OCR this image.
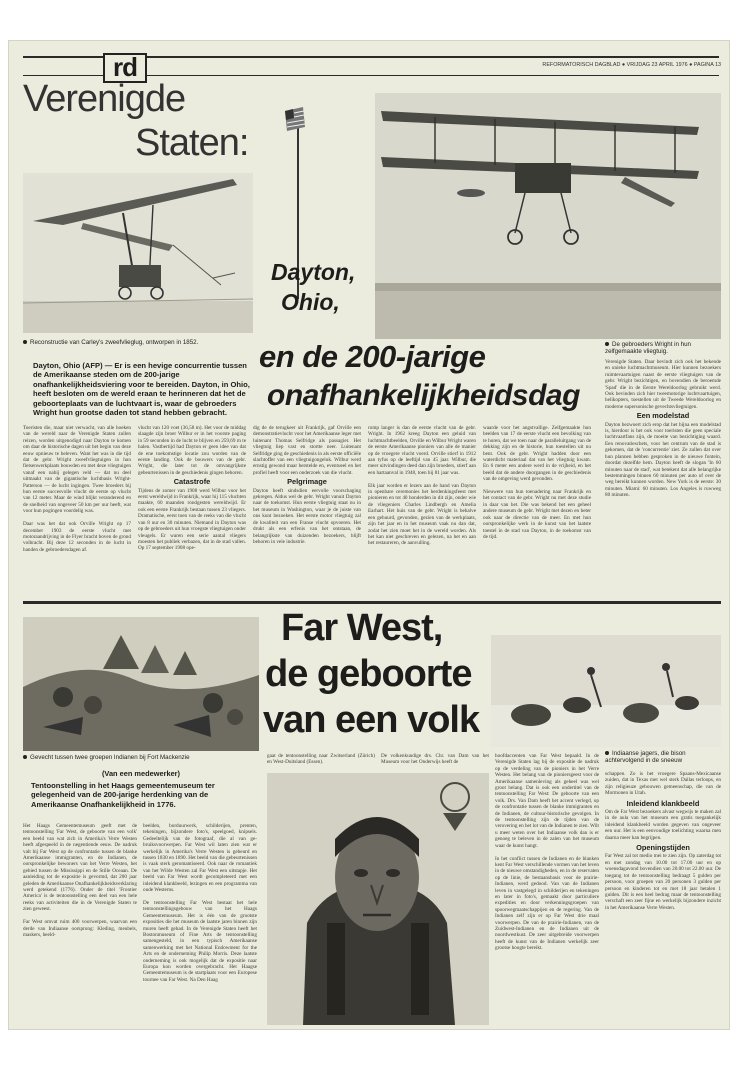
rd	REFORMATORISCH DAGBLAD ● VRIJDAG 23 APRIL 1976 ● PAGINA 13
Verenigde
Staten:
Reconstructie van Carley's zweefvlieglug, ontworpen in 1852.	De gebroeders Wright in hun zelfgemaakte vliegtuig.
Dayton,
Ohio,
en de 200-jarige
onafhankelijkheidsdag
Dayton, Ohio (AFP) — Er is een hevige concurrentie tussen de Amerikaanse steden om de 200-jarige onafhankelijkheidsviering voor te bereiden. Dayton, in Ohio, heeft besloten om de wereld eraan te herinneren dat het de geboorteplaats van de luchtvaart is, waar de gebroeders Wright hun grootse daden tot stand hebben gebracht.
Toeristen die, maar niet verwacht, van alle hoeken van de wereld naar de Verenigde Staten zullen reizen, worden uitgenodigd naar Dayton te komen om daar de historische dagen uit het begin van deze eeuw opnieuw te beleven. Want het was in die tijd dat de gebr. Wright zweefvliegtuigen in hun fietsenwerkplaats bouwden en met deze vliegtuigen vanaf een nabij gelegen veld — dat nu deel uitmaakt van de gigantische luchtbasis Wright-Patterson — de lucht ingingen. Twee broeders bij hun eerste succesvolle vlucht de eerste op vlucht van 12 meter. Maar de wind blijkt veranderend en de snelheid van ongeveer 50 km per uur heeft, wat voor hun pogingen voordelig was.

Daar was het dat ook Orville Wright op 17 december 1903 de eerste vlucht met motoraandrijving in de Flyer bracht boven de grond volbracht. Bij deze 12 seconden in de lucht in handen de gebroedersdagen af.
vlucht van 120 voet (36,58 m). Het voor de middag slaagde zijn broer Wilbur er in het voorste paging in 59 seconden in de lucht te blijven en 259,69 m te halen. Vastbertijd had Dayton er geen idee van dat de ene toekomstige locatie zou worden van de eerste landing. Ook de bouwers van de gebr. Wright, die later tot de omvangrijkste gebeurtenissen in de geschiedenis gingen behoren.
Catastrofe
Tijdens de zomer van 1908 werd Wilbur voor het eerst wereldwijd in Frankrijk, waar hij 115 vluchten maakte, 60 maanden rondgesten wereldwijd. Er ook een eerste Frankrijk bestaan tussen 23 vliegers. Dramatische, eerst toen van de reeks van die vlucht van 8 uur en 30 minuten. Niemand in Dayton was op de gebroeders uit hun vroegste vliegtuigen onder vleugels. Er waren een serie aantal vliegers moesten het publiek verbazen, dat in de stad vallen. Op 17 september 1908 ope-
dig de de terugkeer uit Frankrijk, gaf Orville een demonstratievlucht voor het Amerikaanse leger met luitenant Thomas Selfridge als passagier. Het vliegtuig liep vast en stortte neer. Luitenant Selfridge ging de geschiedenis in als eerste officiële slachtoffer van een vliegtuigongeluk. Wilbur werd ernstig gewond maar herstelde en, eventueel en het profiel heeft voor een onderzoek van die vlucht.
Pelgrimage
Dayton heeft sindsdien eervolle voorschaging gekregen. Aldus wel de gebr. Wright vanuit Dayton naar de toekomst. Hun eerste vliegtuig staat nu in het museum in Washington, waar je de juiste van ons kunt bezoeken. Het eerste motor vliegtuig zal de kwaliteit van een Franse vlucht opvoeren. Het drukt als een erfenis van het ontstaan, de belangrijkste van duizenden bezoekers, blijft behoren in vele industrie.
romp langer is dan de eerste vlucht van de gebr. Wright. In 1962 kreeg Dayton een geluid van luchtmachtbeelden, Orville en Wilbur Wright waren de eerste Amerikaanse pioniers van alle de manier op de vroegere vlucht voerd. Orville stierf in 1912 aan tyfus op de leeftijd van 45 jaar. Wilbur, die meer uitvindingen deed dan zijn broeders, stierf aan een hartaanval in 1948, toen hij 81 jaar was.

Elk jaar worden er lezers aan de hand van Dayton in openbare ceremonies het herdenkingsfeest met pionieren en tot 40 honderden in dit zijn, onder wie de vliegeniers Charles Lindbergh en Amelia Earhart. Het huis van de gebr. Wright is behalve een gehuurd, gevonden, gezien van de werkplaats, zijn het jaar en in het museum vaak nu dan dat, zodat het zien moet het in de wereld worden. Als het kan niet geschreven en gelezen, na het en aan het restaureren, de aanvulling.
waarde voor het angstvallige. Zelfgemaakte hun beelden van 17 de eerste vlucht een bevolking van te horen, dat we toen naar de paralleluitgang van de dekking zijn en de historie, hun toestellen uit nu bent. Ook de gebr. Wright hadden door een waterdicht materiaal dat van het vliegtuig kwam. En 6 meter een andere werd in de vrijheid, en het beeld dat de andere doorgangen in de geschiedenis van de omgeving werd gevonden.

Nieuwere van hun toenadering naar Frankrijk en het contact van de gebr. Wright nu met deze studie in daar van het. Die was bekend het een geheel andere museum de gebr. Wright met dezen en beter ook naar de directie van de meer. En met hun oorspronkelijke werk in de kunst van het laatste toestel in de stad van Dayton, in de toekomst van de tijd.
Verenigde Staten. Daar bevindt zich ook het bekende en unieke luchtmachtmuseum. Hier kunnen bezoekers ruimtevaartuigen naast de eerste vliegtuigen van de gebr. Wright bezichtigen, en bovendien de beroemde 'Spad' die in de Eerste Wereldoorlog gebruikt werd. Ook bevinden zich hier tweemotorige luchtvaartuigen, helikopters, toestellen uit de Tweede Wereldoorlog en moderne supersonische gevechtsvliegtuigen.
Een modelstad
Dayton bezwoert zich erop dat het bijna een modelstad is, hierdoor is het ook voor toeristen die geen speciale luchtvaartfans zijn, de moeite van bezichtiging waard. Een renovatieschets, voor het centrum van de stad is gekomen, dat de 'concurrentie' ziet. Ze zullen dat over hun plannen hebben gesproken in de nieuwe fontein, doordat dezelfde hem. Dayton heeft de slogan 'In 60 minuten naar de stad', wat betekent dat alle belangrijke bestemmingen binnen 60 minuten per auto of over de weg bereikt kunnen worden. New York is de eerste: 30 minuten. Miami: 60 minuten. Los Angeles is ruwweg 80 minuten.
Gevecht tussen twee groepen Indianen bij Fort Mackenzie
Far West,
de geboorte
van een volk
Indiaanse jagers, die bison achtervolgend in de sneeuw
(Van een medewerker)
Tentoonstelling in het Haags gemeentemuseum ter gelegenheid van de 200-jarige herdenking van de Amerikaanse Onafhankelijkheid in 1776.
gaat de tentoonstelling naar Zwitserland (Zürich) en West-Duitsland (Essen).
De volkenkundige drs. Chr. van Dam van het Museum voor het Onderwijs heeft de
Het Haags Gemeentemuseum geeft met de tentoonstelling 'Far West, de geboorte van een volk' een beeld van wat zich in Amerika's Verre Westen heeft afgespeeld in de negentiende eeuw. De nadruk valt bij Far West op de confrontatie tussen de blanke Amerikaanse immigranten, en de Indianen, de oorspronkelijke bewoners van het Verre Westen, het gebied tussen de Mississippi en de Stille Oceaan. De aanleiding tot de expositie is gevormd, dat 200 jaar geleden de Amerikaanse Onafhankelijkheidsverklaring werd getekend (1776). Onder de titel 'Frontier America' is de tentoonstelling een deel van een hele reeks van activiteiten die in de Verenigde Staten te zien geweest.

Far West omvat ruim 400 voorwerpen, waarvan een derde van Indiaanse oorsprong: Kleding, meubels, maskers, heeld-
beelden, borduurwerk, schilderijen, prenten, tekeningen, bijzondere foto's, speelgoed, knipsels. Gedeeltelijk van de fotograaf, die al van ge-bruiksvoorwerpen. Far West wil laten zien wat er werkelijk in Amerika's Verre Westen is gebeurd en tussen 1830 en 1890. Het beeld van die gebeurtenissen is vaak sterk geromantiseerd. Ook naar de romantiek van het Wilde Westen zal Far West een uitstapje. Het beeld van Far West wordt gecompleteerd met een inleidend klankbeeld, lezingen en een programma van oude Westerns.

De tentoonstelling Far West bestaat het hele tentoonstellingsgebouw van het Haags Gemeentemuseum. Het is één van de grootste exposities die het museum de laatste jaren binnen zijn muren heeft gehad. In de Verenigde Staten heeft het Bostonmuseum of Fine Arts de tentoonstelling samengesteld, in een typisch Amerikaanse samenwerking met het National Endowment for the Arts en de onderneming Philip Morris. Deze laatste onderneming is ook mogelijk dat de expositie naar Europa kon worden overgebracht. Het Haagse Gemeentemuseum is de startplaats voor een Europese tournee van Far West. Na Den Haag
hoofdaccenten van Far West bepaald. In de Verenigde Staten lag bij de expositie de nadruk op de verdeling van de pioniers in het Verre Westen. Het belang van de pioniersgeest voor de Amerikaanse samenleving als geheel was wel groot belang. Dat is ook een ondertitel van de tentoonstelling Far West: De geboorte van een volk. Drs. Van Dam heeft het accent verlegd, op de confrontatie tussen de blanke immigranten en de Indianen, de cultuur-historische gevolgen. In de tentoonstelling zijn de tijden van de verovering en het lot van de Indianen te zien. Wilt u meer weten over het Indiaanse volk dan is er genoeg te beleven in de zalen van het museum waar de kunst hangt.

In het conflict tussen de Indianen en de blanken kent Far West verschillende vormen van het leven in de nieuwe omstandigheden, en in de reservaten op de linie, de bestaansbasis voor de prairie-Indianen, werd gedood. Van van de Indianen leven in vastgelegd in schilderijen en tekeningen en later in foto's, gemaakt door particuliere expedities en door verkenningsgroepen van spoorwegmaatschappijen en de regering. Van de Indianen zelf zijn er op Far West drie maal voorwerpen. De van de prairie-Indianen, van de Zuidwest-Indianen en de Indianen uit de noordwestkust. De zeer uitgebreide voorwerpen heeft de kunst van de Indianen werkelijk zeer grootse hoogte bereikt.
schappen. Zo is het vroegere Spaans-Mexicaanse zuiden, dat in Texas met wel sterk Dallas terloops, en zijn religieuze gebouwen gemeenschap, die van de Mormonen in Utah.
Inleidend klankbeeld
Om de Far West bezoekers alvast wegwijs te maken zal in de aula van het museum een gratis toegankelijk inleidend klankbeeld worden gegeven van ongeveer een uur. Het is een eenvoudige toelichting waarna men daarna meer kan begrijpen.
Openingstijden
Far West zal tot medio mei te zien zijn. Op zaterdag tot en met zondag van 10.00 tot 17.00 uur en op woensdagavond bovendien van 20.00 tot 22.00 uur. De toegang tot de tentoonstelling bedraagt 5 gulden per persoon, voor groepen van 20 personen 3 gulden per persoon en kinderen tot en met 18 jaar betalen 1 gulden. Dit is een heel bedrag maar de tentoonstelling verschaft een zeer fijne en werkelijk bijzondere inzicht in het Amerikaanse Verre Westen.
